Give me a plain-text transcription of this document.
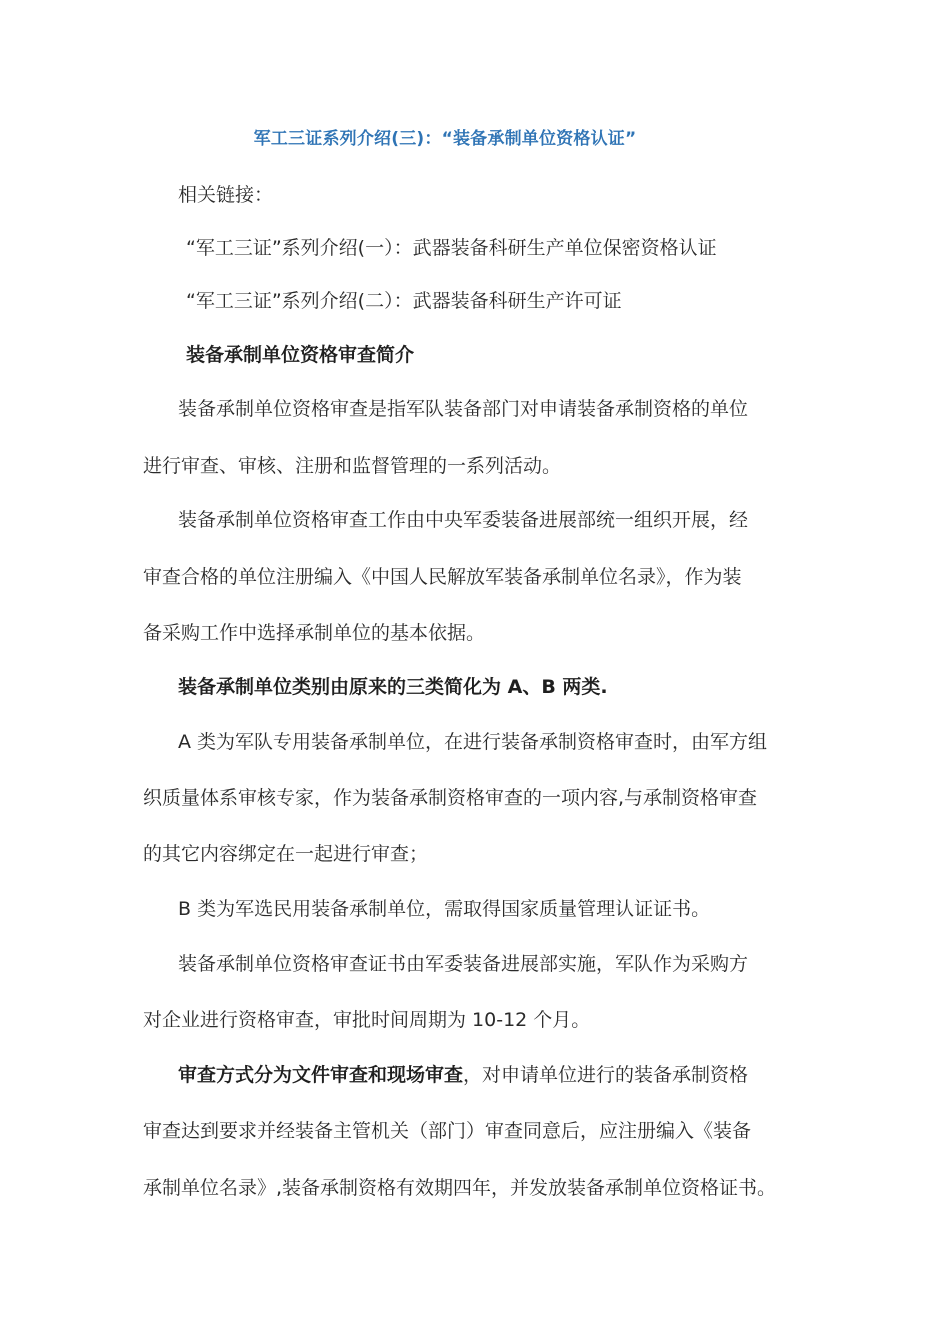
军工三证系列介绍(三)：“装备承制单位资格认证”
相关链接：
“军工三证”系列介绍(一）：武器装备科研生产单位保密资格认证
“军工三证”系列介绍(二）：武器装备科研生产许可证
装备承制单位资格审查简介
装备承制单位资格审查是指军队装备部门对申请装备承制资格的单位
进行审查、审核、注册和监督管理的一系列活动。
装备承制单位资格审查工作由中央军委装备进展部统一组织开展，经
审查合格的单位注册编入《中国人民解放军装备承制单位名录》，作为装
备采购工作中选择承制单位的基本依据。
装备承制单位类别由原来的三类简化为 A、B 两类.
A 类为军队专用装备承制单位，在进行装备承制资格审查时，由军方组
织质量体系审核专家，作为装备承制资格审查的一项内容,与承制资格审查
的其它内容绑定在一起进行审查；
B 类为军选民用装备承制单位，需取得国家质量管理认证证书。
装备承制单位资格审查证书由军委装备进展部实施，军队作为采购方
对企业进行资格审查，审批时间周期为 10-12 个月。
审查方式分为文件审查和现场审查，对申请单位进行的装备承制资格
审查达到要求并经装备主管机关（部门）审查同意后，应注册编入《装备
承制单位名录》,装备承制资格有效期四年，并发放装备承制单位资格证书。
